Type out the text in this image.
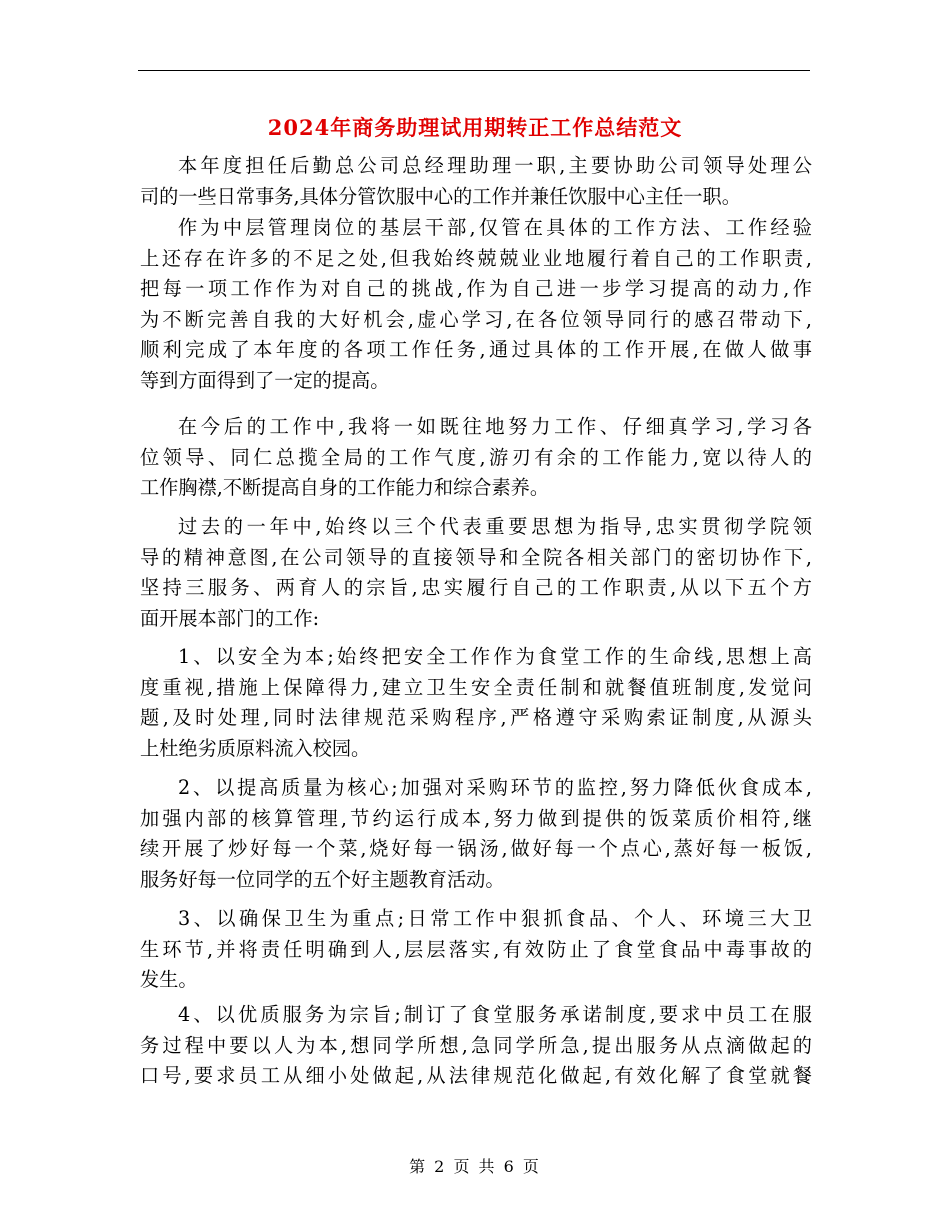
2024年商务助理试用期转正工作总结范文
本年度担任后勤总公司总经理助理一职,主要协助公司领导处理公
司的一些日常事务,具体分管饮服中心的工作并兼任饮服中心主任一职。
作为中层管理岗位的基层干部,仅管在具体的工作方法、工作经验
上还存在许多的不足之处,但我始终兢兢业业地履行着自己的工作职责,
把每一项工作作为对自己的挑战,作为自己进一步学习提高的动力,作
为不断完善自我的大好机会,虚心学习,在各位领导同行的感召带动下,
顺利完成了本年度的各项工作任务,通过具体的工作开展,在做人做事
等到方面得到了一定的提高。
在今后的工作中,我将一如既往地努力工作、仔细真学习,学习各
位领导、同仁总揽全局的工作气度,游刃有余的工作能力,宽以待人的
工作胸襟,不断提高自身的工作能力和综合素养。
过去的一年中,始终以三个代表重要思想为指导,忠实贯彻学院领
导的精神意图,在公司领导的直接领导和全院各相关部门的密切协作下,
坚持三服务、两育人的宗旨,忠实履行自己的工作职责,从以下五个方
面开展本部门的工作:
1、以安全为本;始终把安全工作作为食堂工作的生命线,思想上高
度重视,措施上保障得力,建立卫生安全责任制和就餐值班制度,发觉问
题,及时处理,同时法律规范采购程序,严格遵守采购索证制度,从源头
上杜绝劣质原料流入校园。
2、以提高质量为核心;加强对采购环节的监控,努力降低伙食成本,
加强内部的核算管理,节约运行成本,努力做到提供的饭菜质价相符,继
续开展了炒好每一个菜,烧好每一锅汤,做好每一个点心,蒸好每一板饭,
服务好每一位同学的五个好主题教育活动。
3、以确保卫生为重点;日常工作中狠抓食品、个人、环境三大卫
生环节,并将责任明确到人,层层落实,有效防止了食堂食品中毒事故的
发生。
4、以优质服务为宗旨;制订了食堂服务承诺制度,要求中员工在服
务过程中要以人为本,想同学所想,急同学所急,提出服务从点滴做起的
口号,要求员工从细小处做起,从法律规范化做起,有效化解了食堂就餐
第 2 页 共 6 页
